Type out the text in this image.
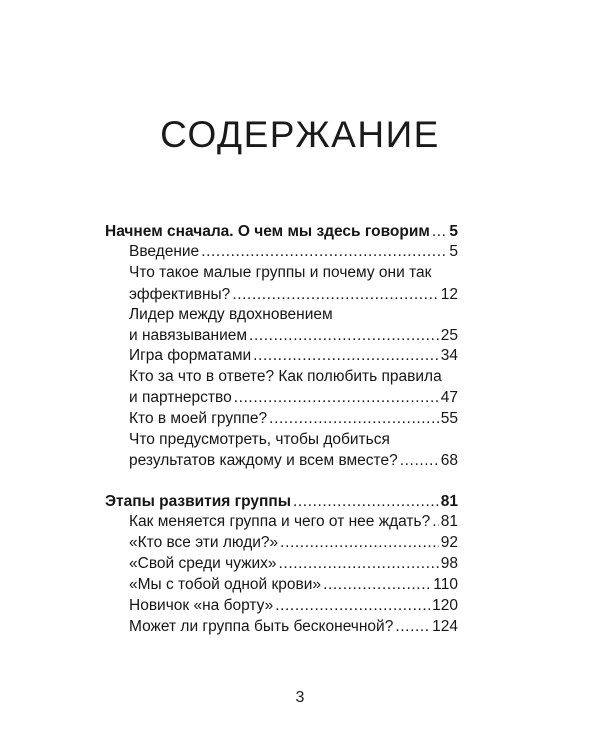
СОДЕРЖАНИЕ
Начнем сначала. О чем мы здесь говорим ..... 5
Введение .....	5
Что такое малые группы и почему они так
эффективны? .....	12
Лидер между вдохновением
и навязыванием .....	25
Игра форматами .....	34
Кто за что в ответе? Как полюбить правила
и партнерство .....	47
Кто в моей группе? .....	55
Что предусмотреть, чтобы добиться
результатов каждому и всем вместе? .....	68
Этапы развития группы .....	81
Как меняется группа и чего от нее ждать? ..... 81
«Кто все эти люди?» .....	92
«Свой среди чужих» .....	98
«Мы с тобой одной крови» .....	110
Новичок «на борту» .....	120
Может ли группа быть бесконечной? .....	124
3
